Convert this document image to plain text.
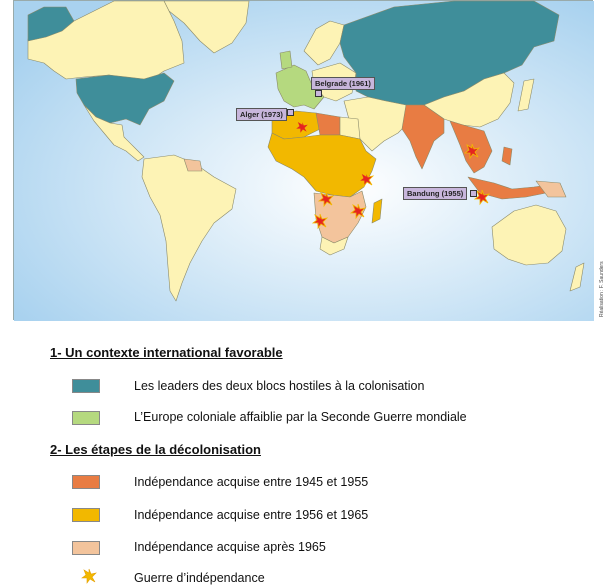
Belgrade (1961)
Alger (1973)
Bandung (1955)
Réalisation : F. Saunders
1- Un contexte international favorable
Les leaders des deux blocs hostiles à la colonisation
L’Europe coloniale affaiblie par la Seconde Guerre mondiale
2- Les étapes de la décolonisation
Indépendance acquise entre 1945 et 1955
Indépendance acquise entre 1956 et 1965
Indépendance acquise après 1965
Guerre d’indépendance
